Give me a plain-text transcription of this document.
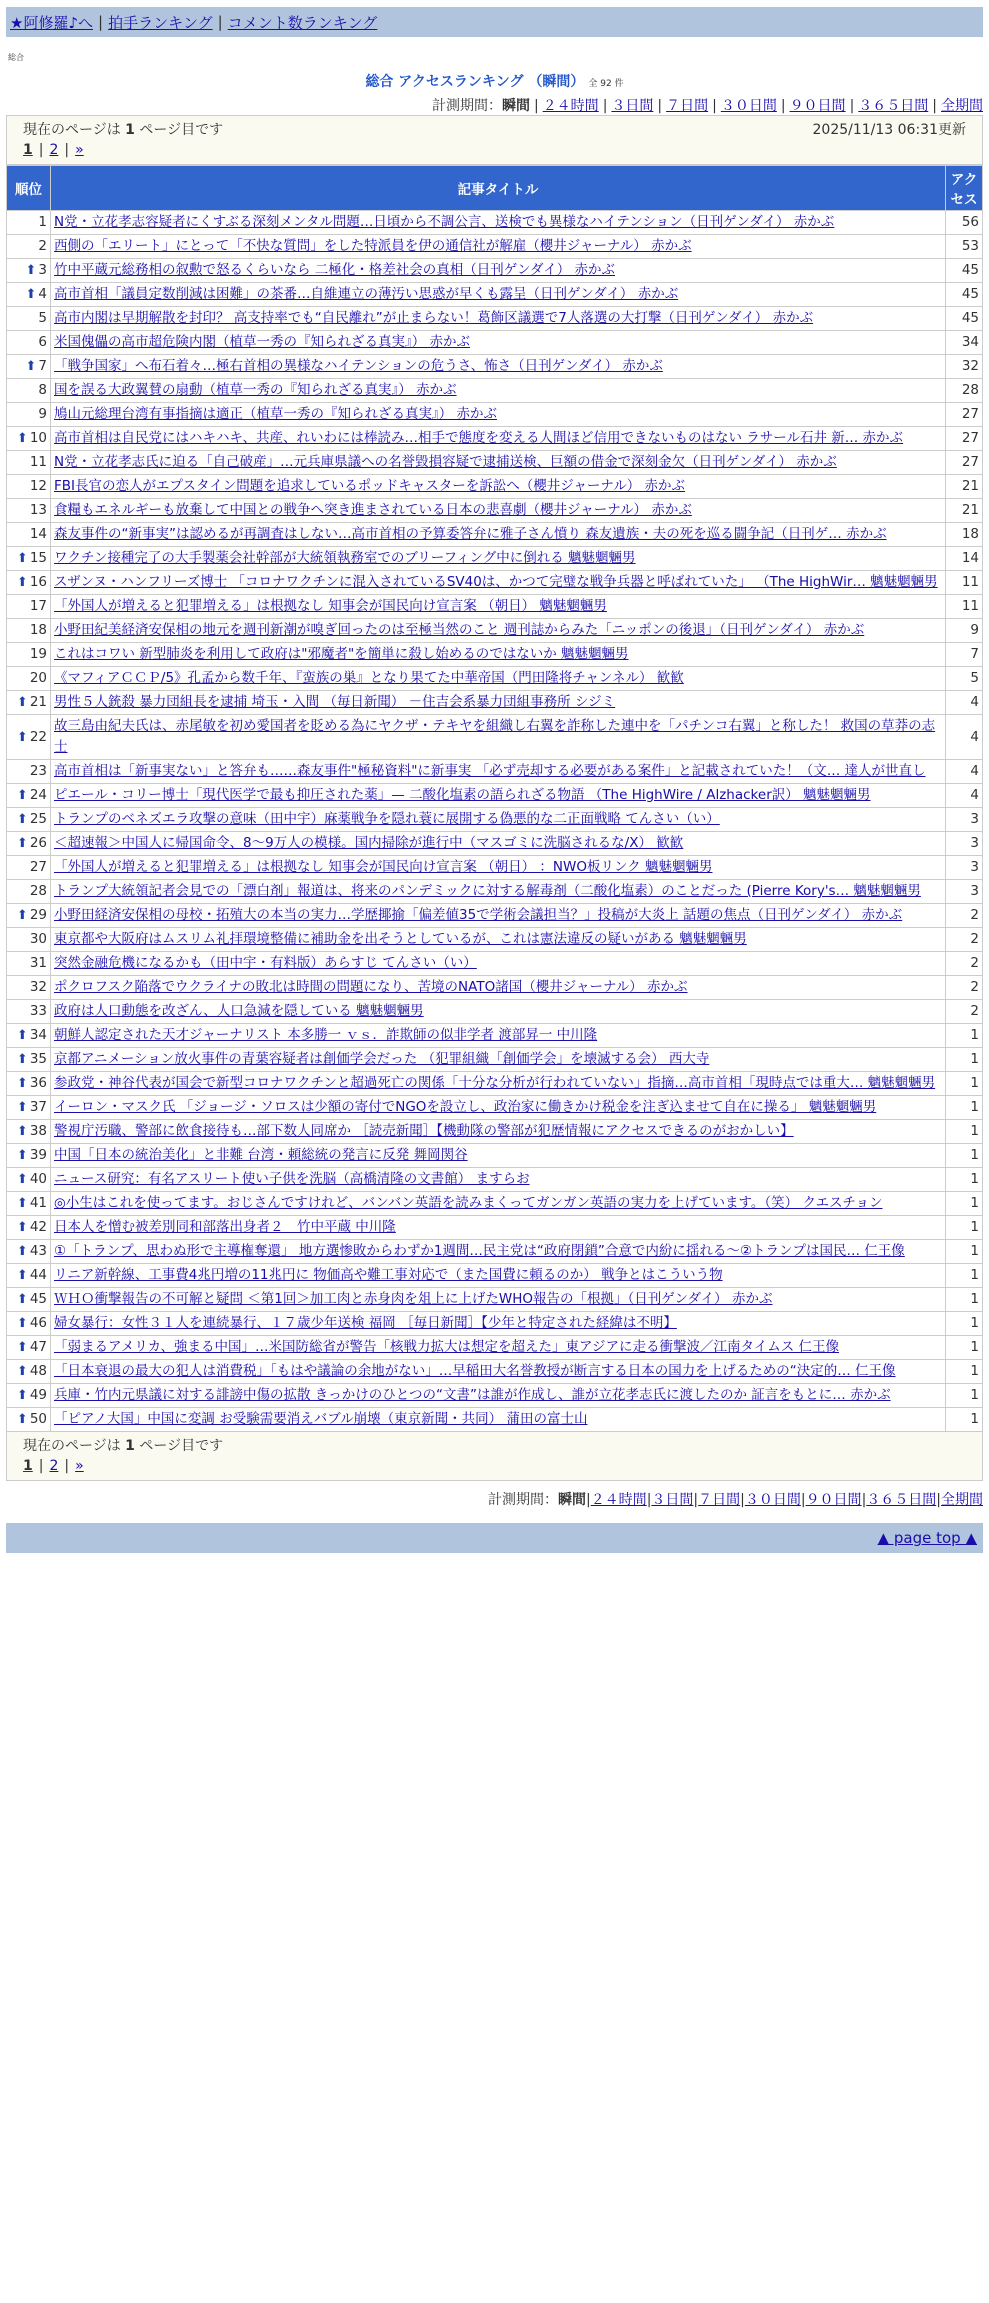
★阿修羅♪へ | 拍手ランキング | コメント数ランキング
総合
総合 アクセスランキング （瞬間） 全 92 件
計測期間：瞬間 | ２４時間 | ３日間 | ７日間 | ３０日間 | ９０日間 | ３６５日間 | 全期間
現在のページは 1 ページ目です	2025/11/13 06:31更新
1 | 2 | »
順位	記事タイトル	アクセス
1	N党・立花孝志容疑者にくすぶる深刻メンタル問題…日頃から不調公言、送検でも異様なハイテンション（日刊ゲンダイ） 赤かぶ	56
2	西側の「エリート」にとって「不快な質問」をした特派員を伊の通信社が解雇（櫻井ジャーナル） 赤かぶ	53
⬆ 3	竹中平蔵元総務相の叙勲で怒るくらいなら 二極化・格差社会の真相（日刊ゲンダイ） 赤かぶ	45
⬆ 4	高市首相「議員定数削減は困難」の茶番…自維連立の薄汚い思惑が早くも露呈（日刊ゲンダイ） 赤かぶ	45
5	高市内閣は早期解散を封印？ 高支持率でも“自民離れ”が止まらない！葛飾区議選で7人落選の大打撃（日刊ゲンダイ） 赤かぶ	45
6	米国傀儡の高市超危険内閣（植草一秀の『知られざる真実』） 赤かぶ	34
⬆ 7	「戦争国家」へ布石着々…極右首相の異様なハイテンションの危うさ、怖さ（日刊ゲンダイ） 赤かぶ	32
8	国を誤る大政翼賛の扇動（植草一秀の『知られざる真実』） 赤かぶ	28
9	鳩山元総理台湾有事指摘は適正（植草一秀の『知られざる真実』） 赤かぶ	27
⬆ 10	高市首相は自民党にはハキハキ、共産、れいわには棒読み…相手で態度を変える人間ほど信用できないものはない ラサール石井 新… 赤かぶ	27
11	N党・立花孝志氏に迫る「自己破産」…元兵庫県議への名誉毀損容疑で逮捕送検、巨額の借金で深刻金欠（日刊ゲンダイ） 赤かぶ	27
12	FBI長官の恋人がエプスタイン問題を追求しているポッドキャスターを訴訟へ（櫻井ジャーナル） 赤かぶ	21
13	食糧もエネルギーも放棄して中国との戦争へ突き進まされている日本の悲喜劇（櫻井ジャーナル） 赤かぶ	21
14	森友事件の“新事実”は認めるが再調査はしない…高市首相の予算委答弁に雅子さん憤り 森友遺族・夫の死を巡る闘争記（日刊ゲ… 赤かぶ	18
⬆ 15	ワクチン接種完了の大手製薬会社幹部が大統領執務室でのブリーフィング中に倒れる 魑魅魍魎男	14
⬆ 16	スザンヌ・ハンフリーズ博士 「コロナワクチンに混入されているSV40は、かつて完璧な戦争兵器と呼ばれていた」 （The HighWir… 魑魅魍魎男	11
17	「外国人が増えると犯罪増える」は根拠なし 知事会が国民向け宣言案 （朝日） 魑魅魍魎男	11
18	小野田紀美経済安保相の地元を週刊新潮が嗅ぎ回ったのは至極当然のこと 週刊誌からみた「ニッポンの後退」（日刊ゲンダイ） 赤かぶ	9
19	これはコワい 新型肺炎を利用して政府は"邪魔者"を簡単に殺し始めるのではないか 魑魅魍魎男	7
20	《マフィアＣＣＰ/5》孔孟から数千年、『蛮族の巣』となり果てた中華帝国（門田隆将チャンネル） 歓歓	5
⬆ 21	男性５人銃殺 暴力団組長を逮捕 埼玉・入間 （毎日新聞） －住吉会系暴力団組事務所 シジミ	4
⬆ 22	故三島由紀夫氏は、赤尾敏を初め愛国者を貶める為にヤクザ・テキヤを組織し右翼を詐称した連中を「パチンコ右翼」と称した！ 救国の草莽の志士	4
23	高市首相は「新事実ない」と答弁も……森友事件"極秘資料"に新事実 「必ず売却する必要がある案件」と記載されていた！（文… 達人が世直し	4
⬆ 24	ピエール・コリー博士「現代医学で最も抑圧された薬」— 二酸化塩素の語られざる物語 （The HighWire / Alzhacker訳） 魑魅魍魎男	4
⬆ 25	トランプのベネズエラ攻撃の意味（田中宇）麻薬戦争を隠れ蓑に展開する偽悪的な二正面戦略 てんさい（い）	3
⬆ 26	＜超速報＞中国人に帰国命令、8～9万人の模様。国内掃除が進行中（マスゴミに洗脳されるな/X） 歓歓	3
27	「外国人が増えると犯罪増える」は根拠なし 知事会が国民向け宣言案 （朝日） ：NWO板リンク 魑魅魍魎男	3
28	トランプ大統領記者会見での「漂白剤」報道は、将来のパンデミックに対する解毒剤（二酸化塩素）のことだった (Pierre Kory's… 魑魅魍魎男	3
⬆ 29	小野田経済安保相の母校・拓殖大の本当の実力…学歴揶揄「偏差値35で学術会議担当？」投稿が大炎上 話題の焦点（日刊ゲンダイ） 赤かぶ	2
30	東京都や大阪府はムスリム礼拝環境整備に補助金を出そうとしているが、これは憲法違反の疑いがある 魑魅魍魎男	2
31	突然金融危機になるかも（田中宇・有料版）あらすじ てんさい（い）	2
32	ポクロフスク陥落でウクライナの敗北は時間の問題になり、苦境のNATO諸国（櫻井ジャーナル） 赤かぶ	2
33	政府は人口動態を改ざん、人口急減を隠している 魑魅魍魎男	2
⬆ 34	朝鮮人認定された天才ジャーナリスト 本多勝一 ｖｓ．詐欺師の似非学者 渡部昇一 中川隆	1
⬆ 35	京都アニメーション放火事件の青葉容疑者は創価学会だった （犯罪組織「創価学会」を壊滅する会） 西大寺	1
⬆ 36	参政党・神谷代表が国会で新型コロナワクチンと超過死亡の関係「十分な分析が行われていない」指摘…高市首相「現時点では重大… 魑魅魍魎男	1
⬆ 37	イーロン・マスク氏 「ジョージ・ソロスは少額の寄付でNGOを設立し、政治家に働きかけ税金を注ぎ込ませて自在に操る」 魑魅魍魎男	1
⬆ 38	警視庁汚職、警部に飲食接待も…部下数人同席か ［読売新聞］【機動隊の警部が犯歴情報にアクセスできるのがおかしい】	1
⬆ 39	中国「日本の統治美化」と非難 台湾・頼総統の発言に反発 舞岡関谷	1
⬆ 40	ニュース研究：有名アスリート使い子供を洗脳（高橋清隆の文書館） ますらお	1
⬆ 41	◎小生はこれを使ってます。おじさんですけれど、バンバン英語を読みまくってガンガン英語の実力を上げています。（笑） クエスチョン	1
⬆ 42	日本人を憎む被差別同和部落出身者２＿竹中平蔵 中川隆	1
⬆ 43	①「トランプ、思わぬ形で主導権奪還」 地方選惨敗からわずか1週間…民主党は“政府閉鎖”合意で内紛に揺れる～②トランプは国民… 仁王像	1
⬆ 44	リニア新幹線、工事費4兆円増の11兆円に 物価高や難工事対応で（また国費に頼るのか） 戦争とはこういう物	1
⬆ 45	ＷＨＯ衝撃報告の不可解と疑問 ＜第1回＞加工肉と赤身肉を俎上に上げたWHO報告の「根拠」（日刊ゲンダイ） 赤かぶ	1
⬆ 46	婦女暴行：女性３１人を連続暴行、１７歳少年送検 福岡 ［毎日新聞］【少年と特定された経緯は不明】	1
⬆ 47	「弱まるアメリカ、強まる中国」…米国防総省が警告「核戦力拡大は想定を超えた」東アジアに走る衝撃波／江南タイムス 仁王像	1
⬆ 48	「日本衰退の最大の犯人は消費税」「もはや議論の余地がない」…早稲田大名誉教授が断言する日本の国力を上げるための“決定的… 仁王像	1
⬆ 49	兵庫・竹内元県議に対する誹謗中傷の拡散 きっかけのひとつの“文書”は誰が作成し、誰が立花孝志氏に渡したのか 証言をもとに… 赤かぶ	1
⬆ 50	「ピアノ大国」中国に変調 お受験需要消えバブル崩壊（東京新聞・共同） 蒲田の富士山	1
現在のページは 1 ページ目です
1 | 2 | »
計測期間：瞬間|２４時間|３日間|７日間|３０日間|９０日間|３６５日間|全期間
▲ page top ▲
